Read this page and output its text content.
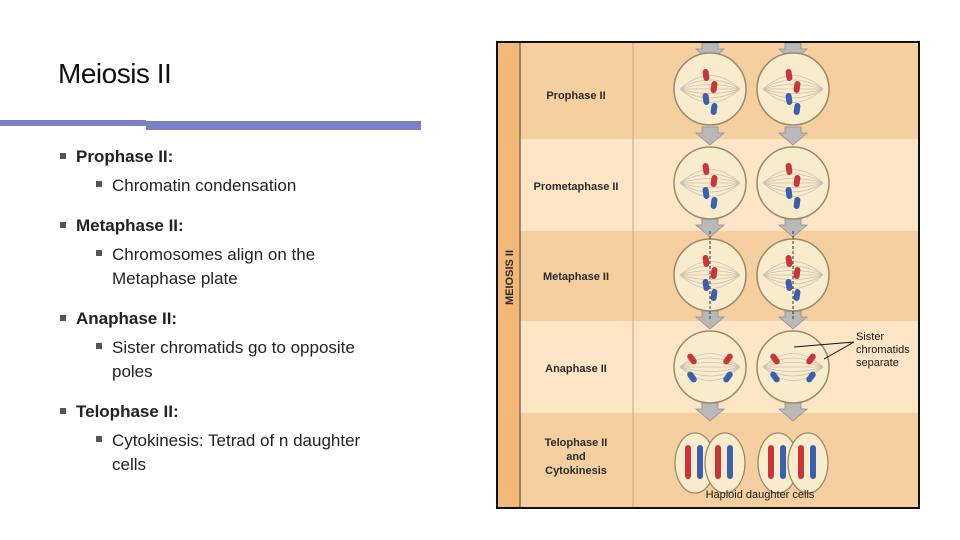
Meiosis II
Prophase II:
Chromatin condensation
Metaphase II:
Chromosomes align on the
Metaphase plate
Anaphase II:
Sister chromatids go to opposite
poles
Telophase II:
Cytokinesis: Tetrad of n daughter
cells
MEIOSIS II
Prophase II
Prometaphase II
Metaphase II
Anaphase II
Telophase II
and
Cytokinesis
Sister
chromatids
separate
Haploid daughter cells
